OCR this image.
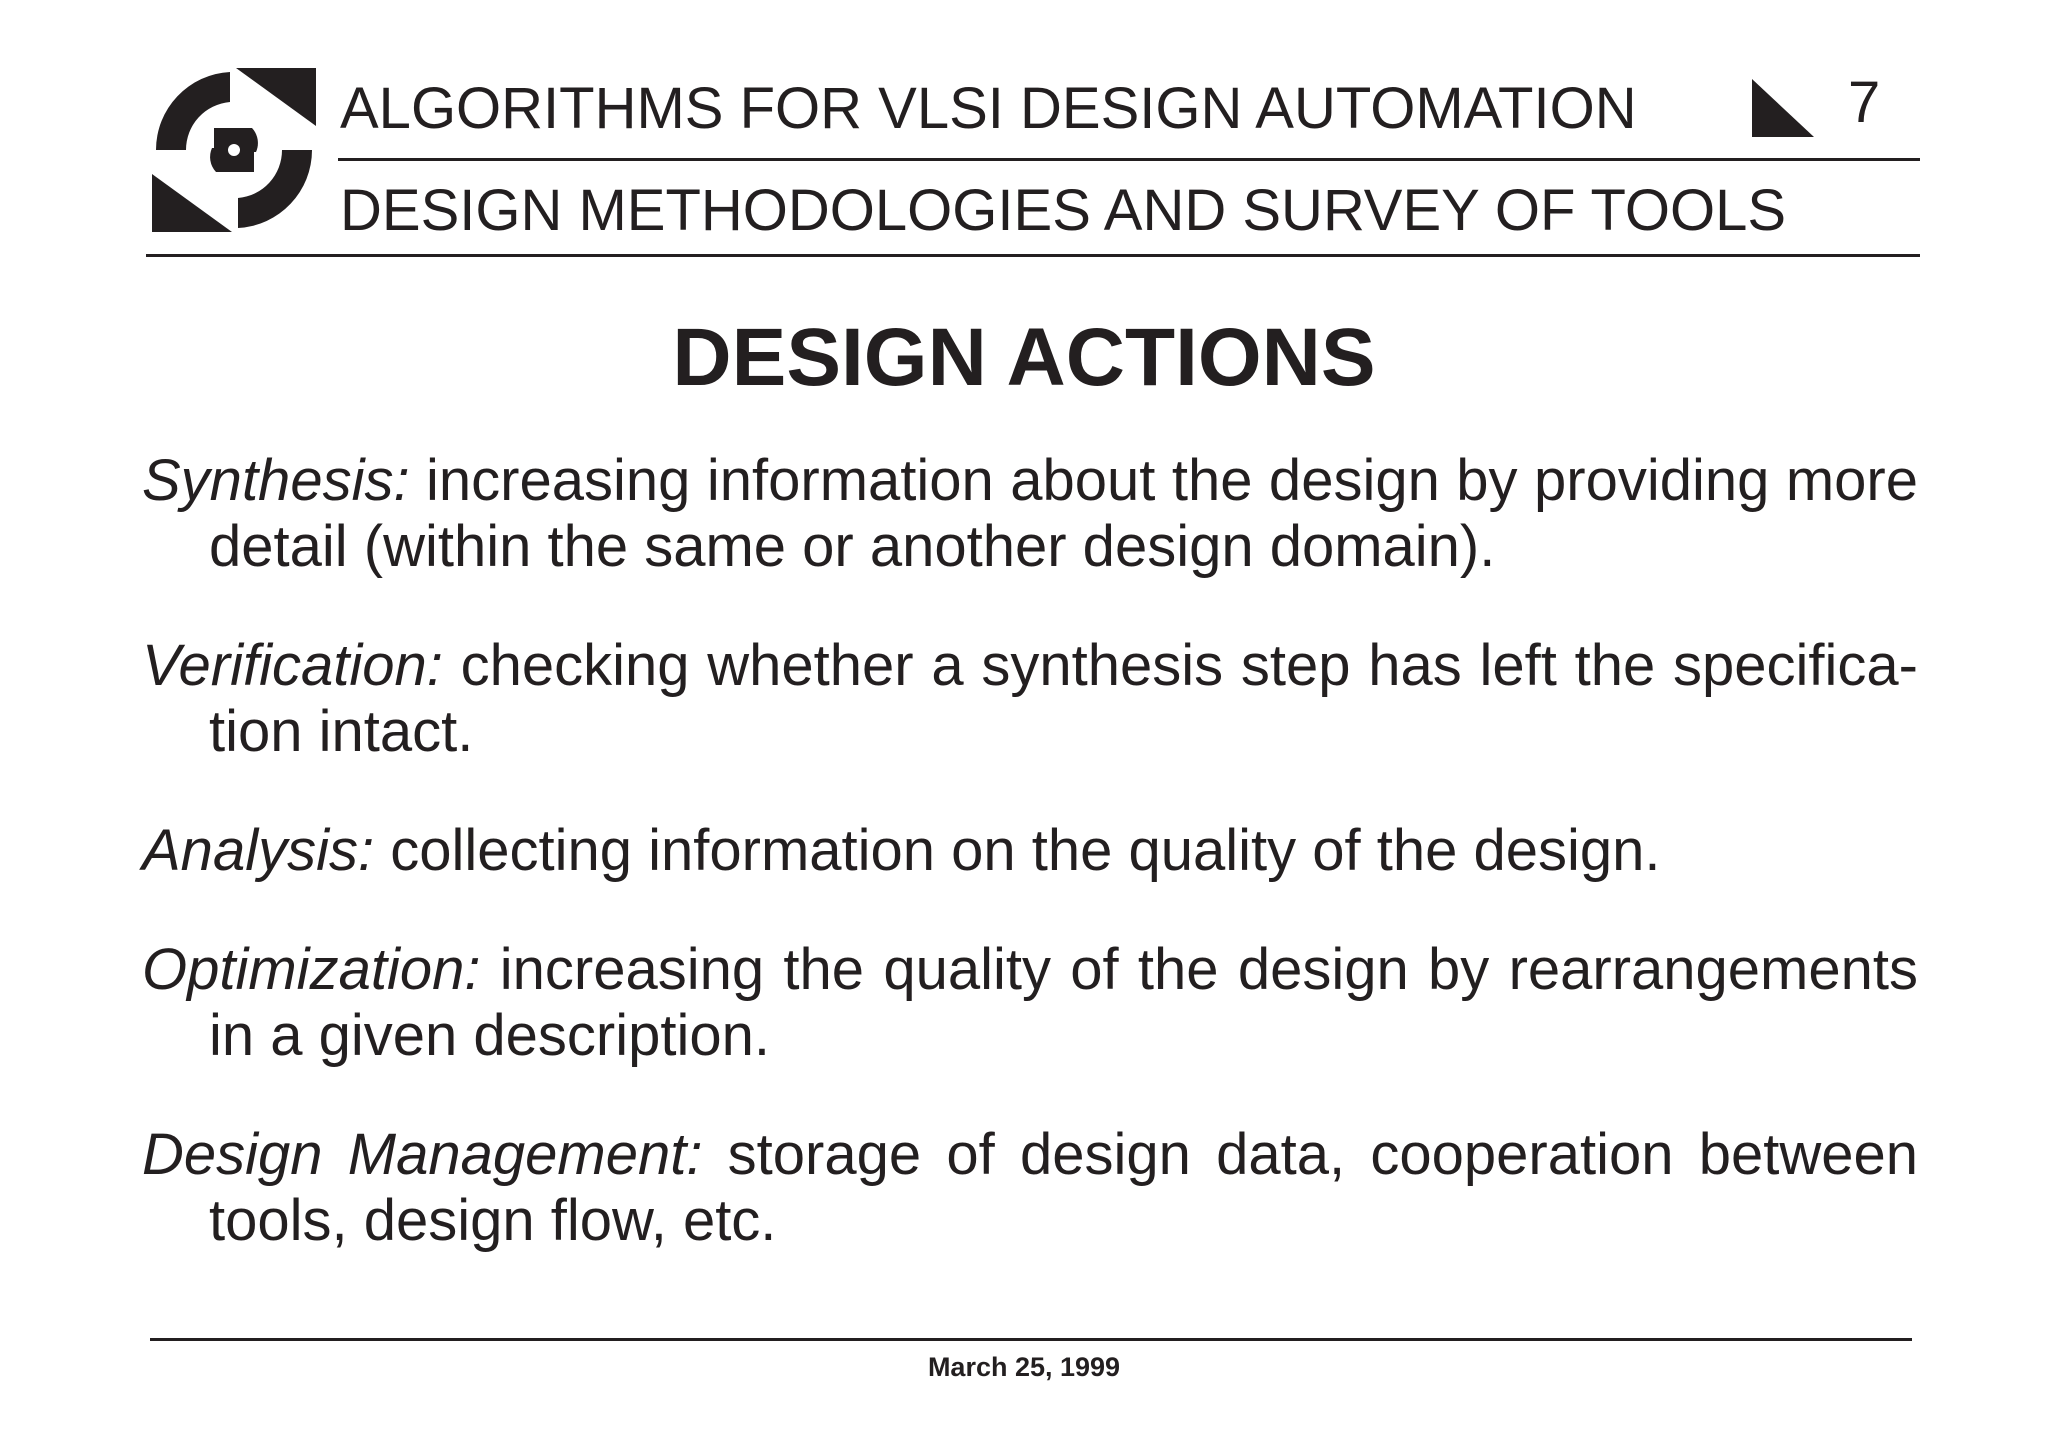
ALGORITHMS FOR VLSI DESIGN AUTOMATION	7
DESIGN METHODOLOGIES AND SURVEY OF TOOLS
DESIGN ACTIONS

Synthesis: increasing information about the design by providing more detail (within the same or another design domain).

Verification: checking whether a synthesis step has left the specifica-tion intact.

Analysis: collecting information on the quality of the design.

Optimization: increasing the quality of the design by rearrangements in a given description.

Design Management: storage of design data, cooperation between tools, design flow, etc.

March 25, 1999
